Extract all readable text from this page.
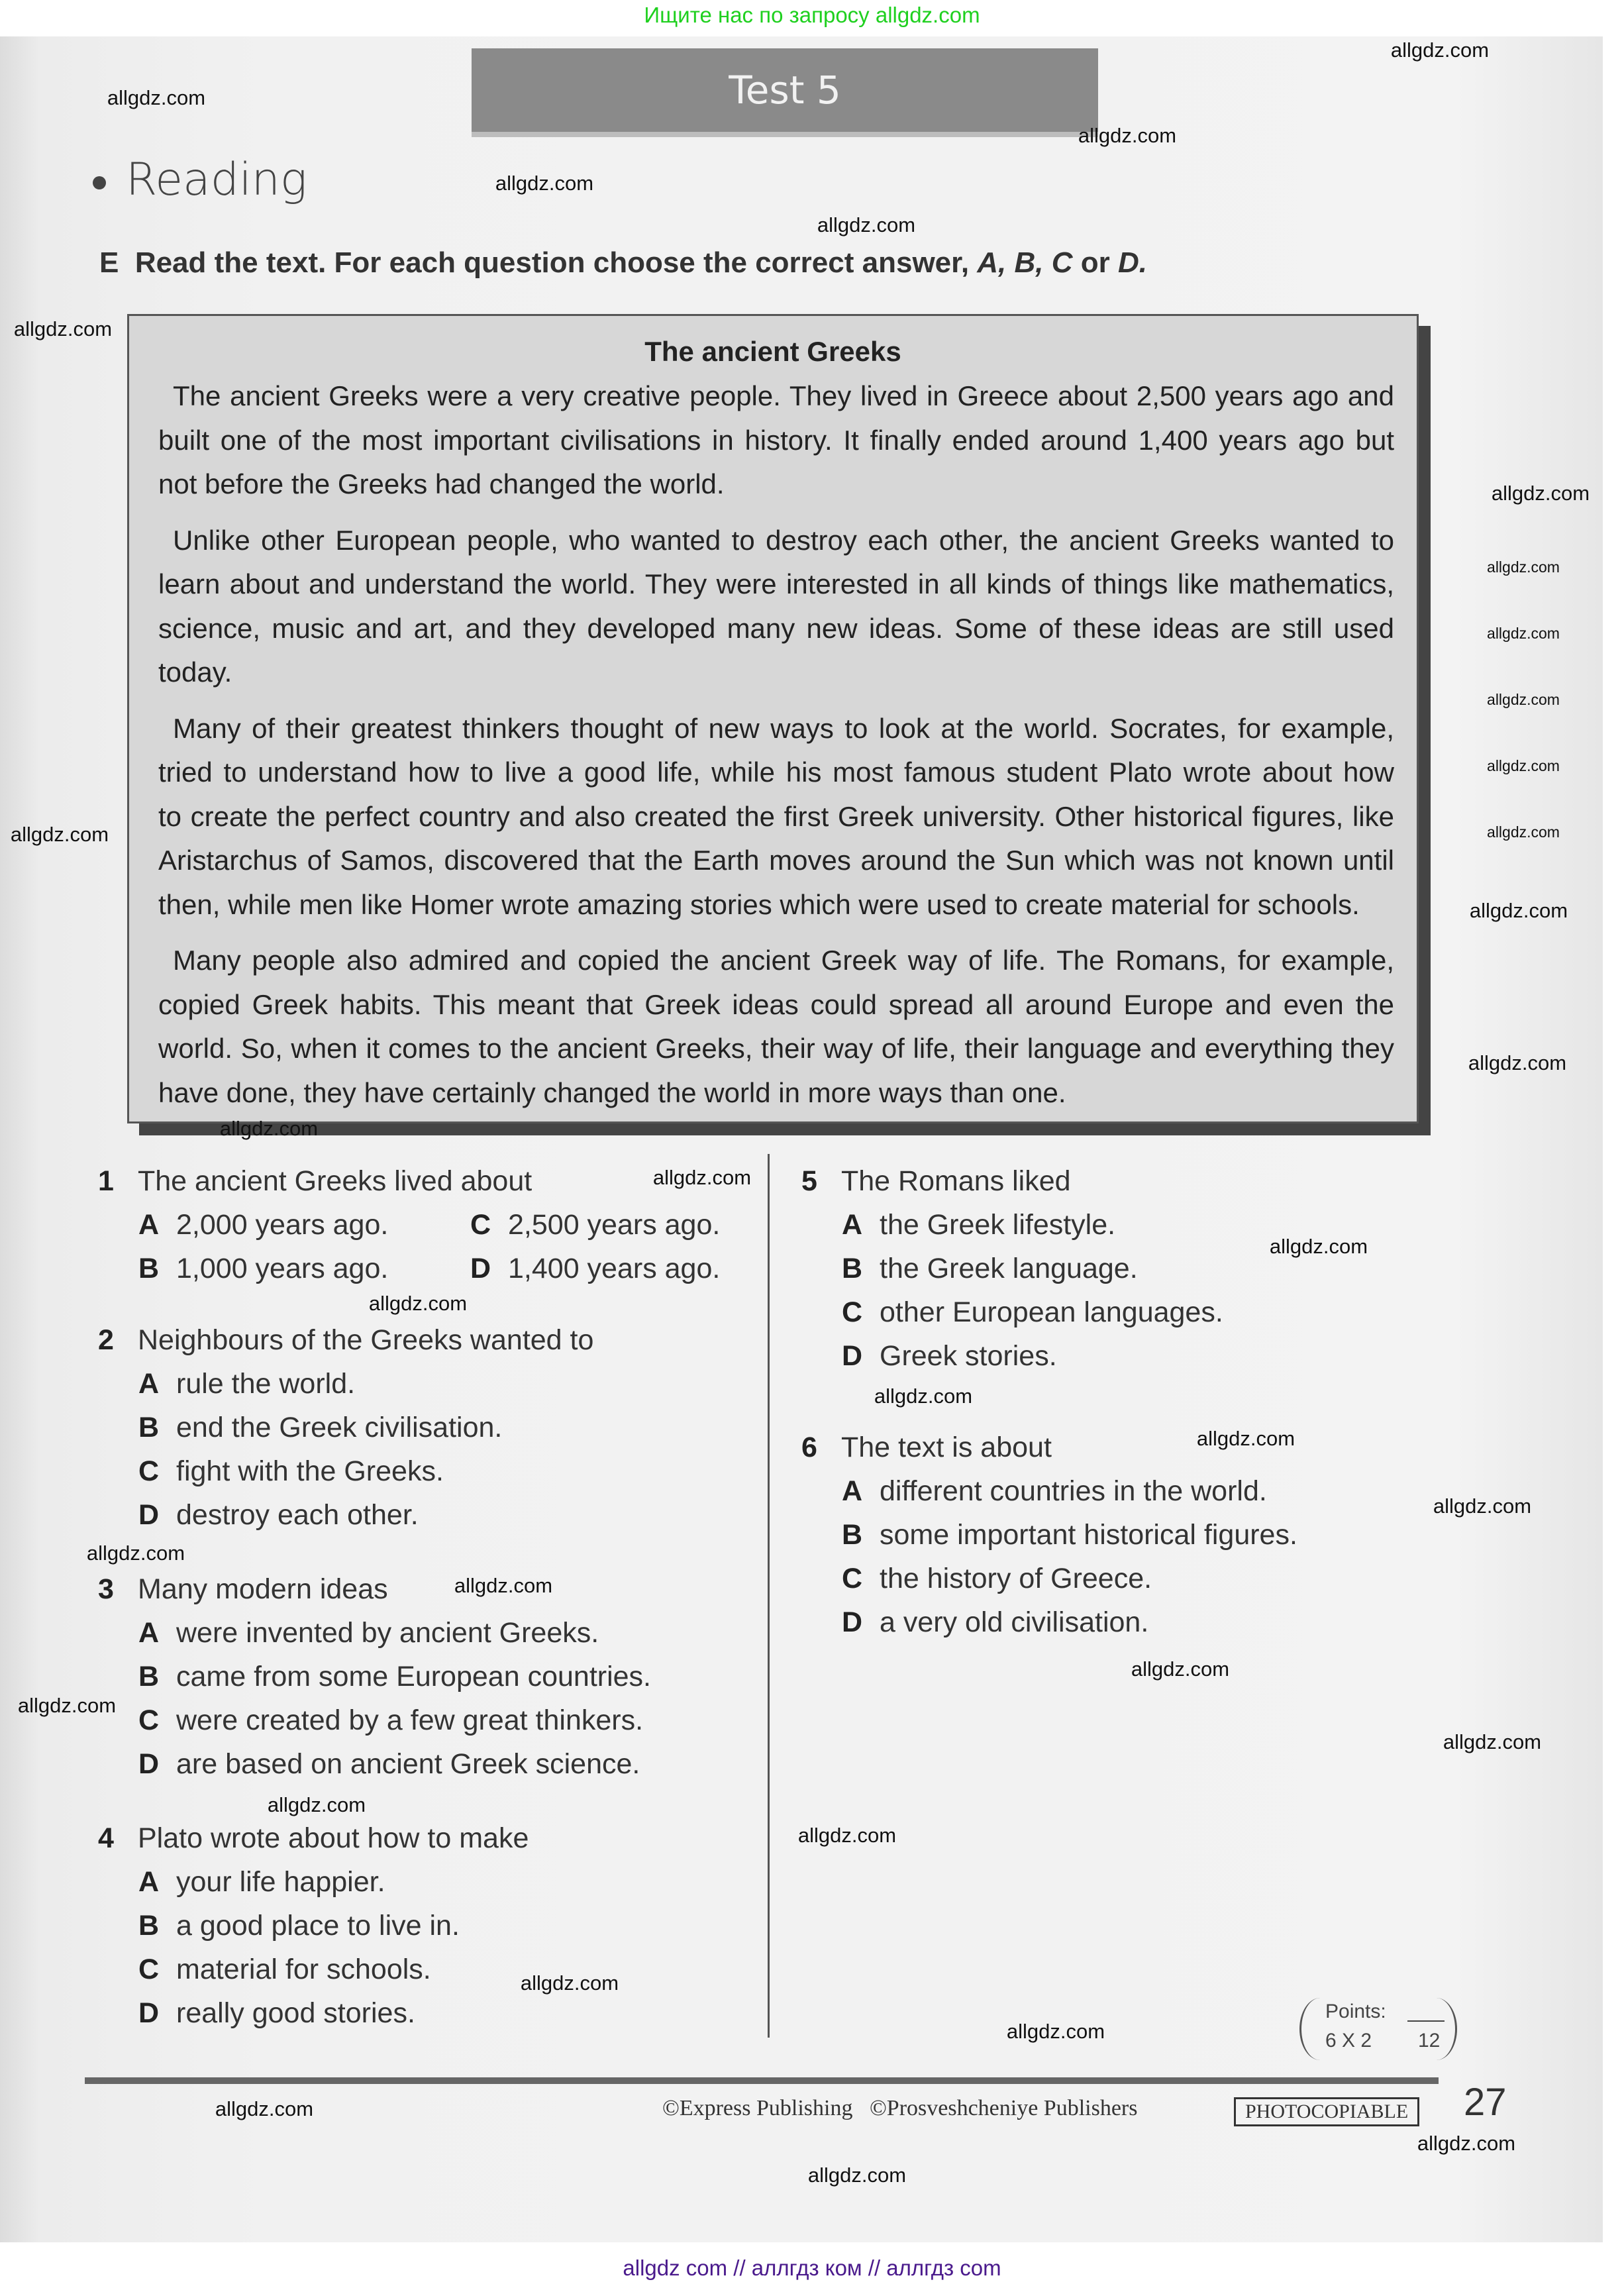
Ищите нас по запросу allgdz.com
Test 5
Reading
E Read the text. For each question choose the correct answer, A, B, C or D.
The ancient Greeks
The ancient Greeks were a very creative people. They lived in Greece about 2,500 years ago and
built one of the most important civilisations in history. It finally ended around 1,400 years ago but
not before the Greeks had changed the world.
Unlike other European people, who wanted to destroy each other, the ancient Greeks wanted to
learn about and understand the world. They were interested in all kinds of things like mathematics,
science, music and art, and they developed many new ideas. Some of these ideas are still used
today.
Many of their greatest thinkers thought of new ways to look at the world. Socrates, for example,
tried to understand how to live a good life, while his most famous student Plato wrote about how
to create the perfect country and also created the first Greek university. Other historical figures, like
Aristarchus of Samos, discovered that the Earth moves around the Sun which was not known until
then, while men like Homer wrote amazing stories which were used to create material for schools.
Many people also admired and copied the ancient Greek way of life. The Romans, for example,
copied Greek habits. This meant that Greek ideas could spread all around Europe and even the
world. So, when it comes to the ancient Greeks, their way of life, their language and everything they
have done, they have certainly changed the world in more ways than one.
1 The ancient Greeks lived about
A 2,000 years ago.
B 1,000 years ago.
C 2,500 years ago.
D 1,400 years ago.
2 Neighbours of the Greeks wanted to
A rule the world.
B end the Greek civilisation.
C fight with the Greeks.
D destroy each other.
3 Many modern ideas
A were invented by ancient Greeks.
B came from some European countries.
C were created by a few great thinkers.
D are based on ancient Greek science.
4 Plato wrote about how to make
A your life happier.
B a good place to live in.
C material for schools.
D really good stories.
5 The Romans liked
A the Greek lifestyle.
B the Greek language.
C other European languages.
D Greek stories.
6 The text is about
A different countries in the world.
B some important historical figures.
C the history of Greece.
D a very old civilisation.
Points:
6 X 2 12
©Express Publishing   ©Prosveshcheniye Publishers	PHOTOCOPIABLE 27
allgdz com // аллгдз ком // аллгдз com
allgdz.com
allgdz.com
allgdz.com
allgdz.com
allgdz.com
allgdz.com
allgdz.com
allgdz.com
allgdz.com
allgdz.com
allgdz.com
allgdz.com
allgdz.com
allgdz.com
allgdz.com
allgdz.com
allgdz.com
allgdz.com
allgdz.com
allgdz.com
allgdz.com
allgdz.com
allgdz.com
allgdz.com
allgdz.com
allgdz.com
allgdz.com
allgdz.com
allgdz.com
allgdz.com
allgdz.com
allgdz.com
allgdz.com
allgdz.com
